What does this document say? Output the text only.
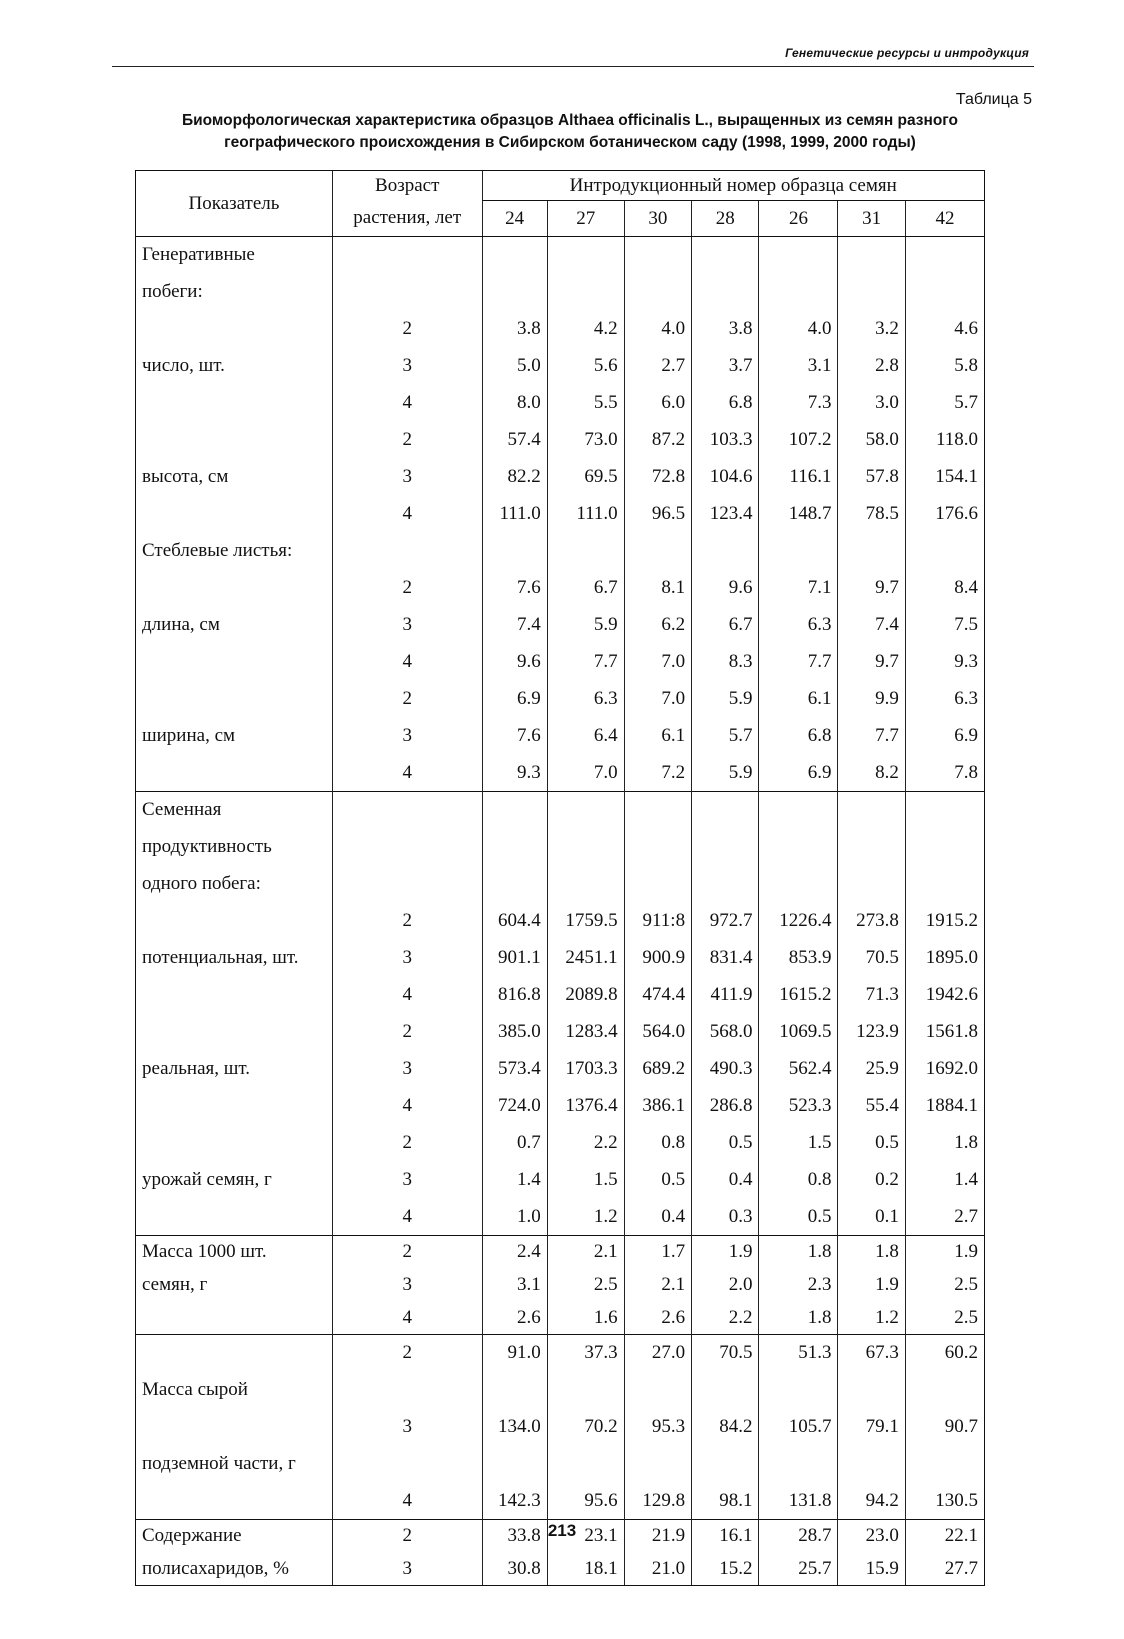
Генетические ресурсы и интродукция
Таблица 5
Биоморфологическая характеристика образцов Althaea officinalis L., выращенных из семян разного
географического происхождения в Сибирском ботаническом саду (1998, 1999, 2000 годы)
Показатель	Возраст	Интродукционный номер образца семян						
	растения, лет	24	27	30	28	26	31	42
Генеративные								
побеги:								
	2	3.8	4.2	4.0	3.8	4.0	3.2	4.6
число, шт.	3	5.0	5.6	2.7	3.7	3.1	2.8	5.8
	4	8.0	5.5	6.0	6.8	7.3	3.0	5.7
	2	57.4	73.0	87.2	103.3	107.2	58.0	118.0
высота, см	3	82.2	69.5	72.8	104.6	116.1	57.8	154.1
	4	111.0	111.0	96.5	123.4	148.7	78.5	176.6
Стеблевые листья:								
	2	7.6	6.7	8.1	9.6	7.1	9.7	8.4
длина, см	3	7.4	5.9	6.2	6.7	6.3	7.4	7.5
	4	9.6	7.7	7.0	8.3	7.7	9.7	9.3
	2	6.9	6.3	7.0	5.9	6.1	9.9	6.3
ширина, см	3	7.6	6.4	6.1	5.7	6.8	7.7	6.9
	4	9.3	7.0	7.2	5.9	6.9	8.2	7.8
Семенная								
продуктивность								
одного побега:								
	2	604.4	1759.5	911:8	972.7	1226.4	273.8	1915.2
потенциальная, шт.	3	901.1	2451.1	900.9	831.4	853.9	70.5	1895.0
	4	816.8	2089.8	474.4	411.9	1615.2	71.3	1942.6
	2	385.0	1283.4	564.0	568.0	1069.5	123.9	1561.8
реальная, шт.	3	573.4	1703.3	689.2	490.3	562.4	25.9	1692.0
	4	724.0	1376.4	386.1	286.8	523.3	55.4	1884.1
	2	0.7	2.2	0.8	0.5	1.5	0.5	1.8
урожай семян, г	3	1.4	1.5	0.5	0.4	0.8	0.2	1.4
	4	1.0	1.2	0.4	0.3	0.5	0.1	2.7
Масса 1000 шт.	2	2.4	2.1	1.7	1.9	1.8	1.8	1.9
семян, г	3	3.1	2.5	2.1	2.0	2.3	1.9	2.5
	4	2.6	1.6	2.6	2.2	1.8	1.2	2.5
	2	91.0	37.3	27.0	70.5	51.3	67.3	60.2
Масса сырой								
	3	134.0	70.2	95.3	84.2	105.7	79.1	90.7
подземной части, г								
	4	142.3	95.6	129.8	98.1	131.8	94.2	130.5
Содержание	2	33.8	23.1	21.9	16.1	28.7	23.0	22.1
полисахаридов, %	3	30.8	18.1	21.0	15.2	25.7	15.9	27.7
213
